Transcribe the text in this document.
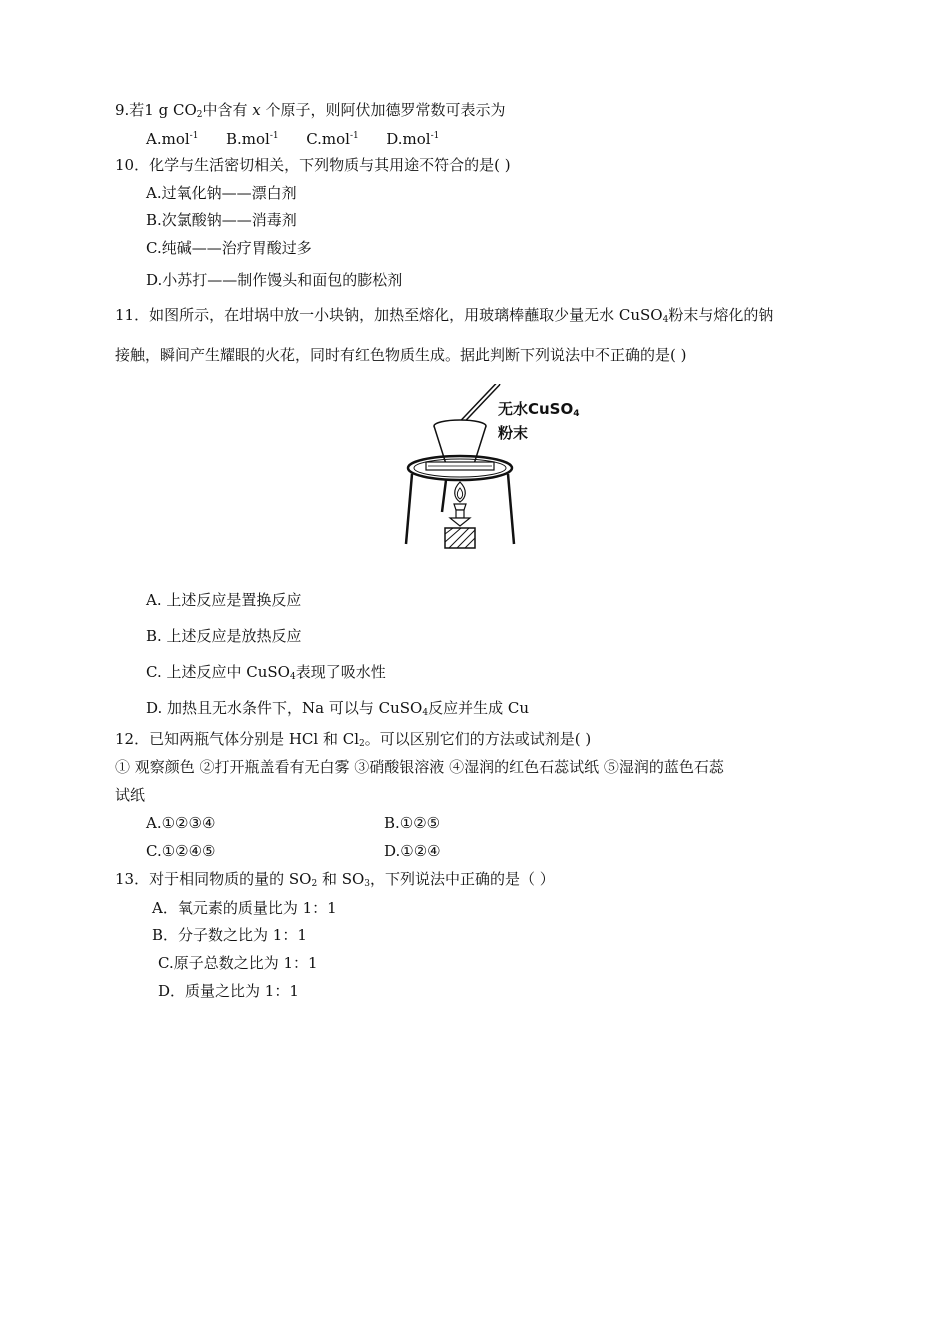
9.若1 g $CO_2$中含有 x 个原子，则阿伏加德罗常数可表示为
A.mol$^{-1}$ B.mol$^{-1}$ C.mol$^{-1}$ D.mol$^{-1}$
10．化学与生活密切相关，下列物质与其用途不符合的是( )
A.过氧化钠——漂白剂
B.次氯酸钠——消毒剂
C.纯碱——治疗胃酸过多
D.小苏打——制作馒头和面包的膨松剂
11．如图所示，在坩埚中放一小块钠，加热至熔化，用玻璃棒蘸取少量无水 CuSO$_4$粉末与熔化的钠
接触，瞬间产生耀眼的火花，同时有红色物质生成。据此判断下列说法中不正确的是( )
无水CuSO$_4$
粉末
A. 上述反应是置换反应
B. 上述反应是放热反应
C. 上述反应中 CuSO$_4$表现了吸水性
D. 加热且无水条件下，Na 可以与 CuSO$_4$反应并生成 Cu
12．已知两瓶气体分别是 HCl 和 $Cl_2$。可以区别它们的方法或试剂是( )
① 观察颜色 ②打开瓶盖看有无白雾 ③硝酸银溶液 ④湿润的红色石蕊试纸 ⑤湿润的蓝色石蕊
试纸
A.①②③④	B.①②⑤
C.①②④⑤	D.①②④
13．对于相同物质的量的 $SO_2$ 和 $SO_3$，下列说法中正确的是（ ）
A．氧元素的质量比为 1：1
B．分子数之比为 1：1
C.原子总数之比为 1：1
D．质量之比为 1：1
